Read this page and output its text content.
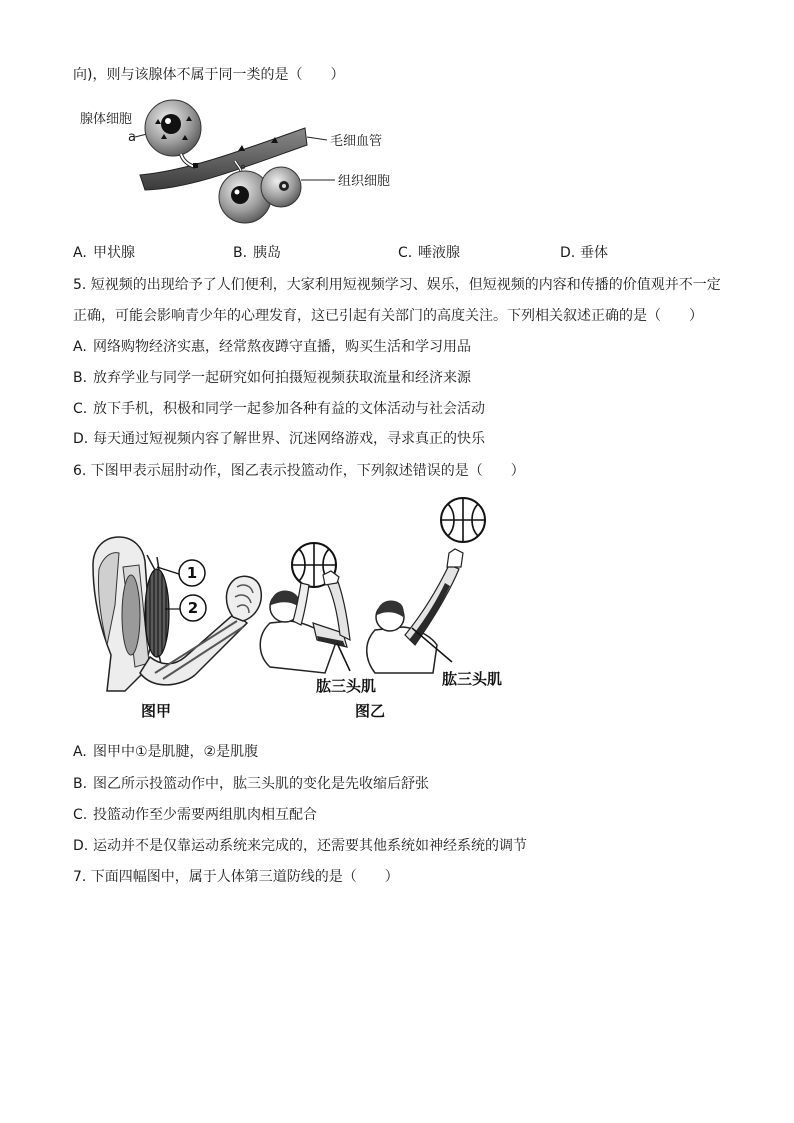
向)，则与该腺体不属于同一类的是（　　）
腺体细胞
a	毛细血管
组织细胞
A. 甲状腺	B. 胰岛	C. 唾液腺	D. 垂体
5. 短视频的出现给予了人们便利，大家利用短视频学习、娱乐，但短视频的内容和传播的价值观并不一定
正确，可能会影响青少年的心理发育，这已引起有关部门的高度关注。下列相关叙述正确的是（　　）
A. 网络购物经济实惠，经常熬夜蹲守直播，购买生活和学习用品
B. 放弃学业与同学一起研究如何拍摄短视频获取流量和经济来源
C. 放下手机，积极和同学一起参加各种有益的文体活动与社会活动
D. 每天通过短视频内容了解世界、沉迷网络游戏，寻求真正的快乐
6. 下图甲表示屈肘动作，图乙表示投篮动作，下列叙述错误的是（　　）
1
2
图甲
肱三头肌	肱三头肌
图乙
A. 图甲中①是肌腱，②是肌腹
B. 图乙所示投篮动作中，肱三头肌的变化是先收缩后舒张
C. 投篮动作至少需要两组肌肉相互配合
D. 运动并不是仅靠运动系统来完成的，还需要其他系统如神经系统的调节
7. 下面四幅图中，属于人体第三道防线的是（　　）
